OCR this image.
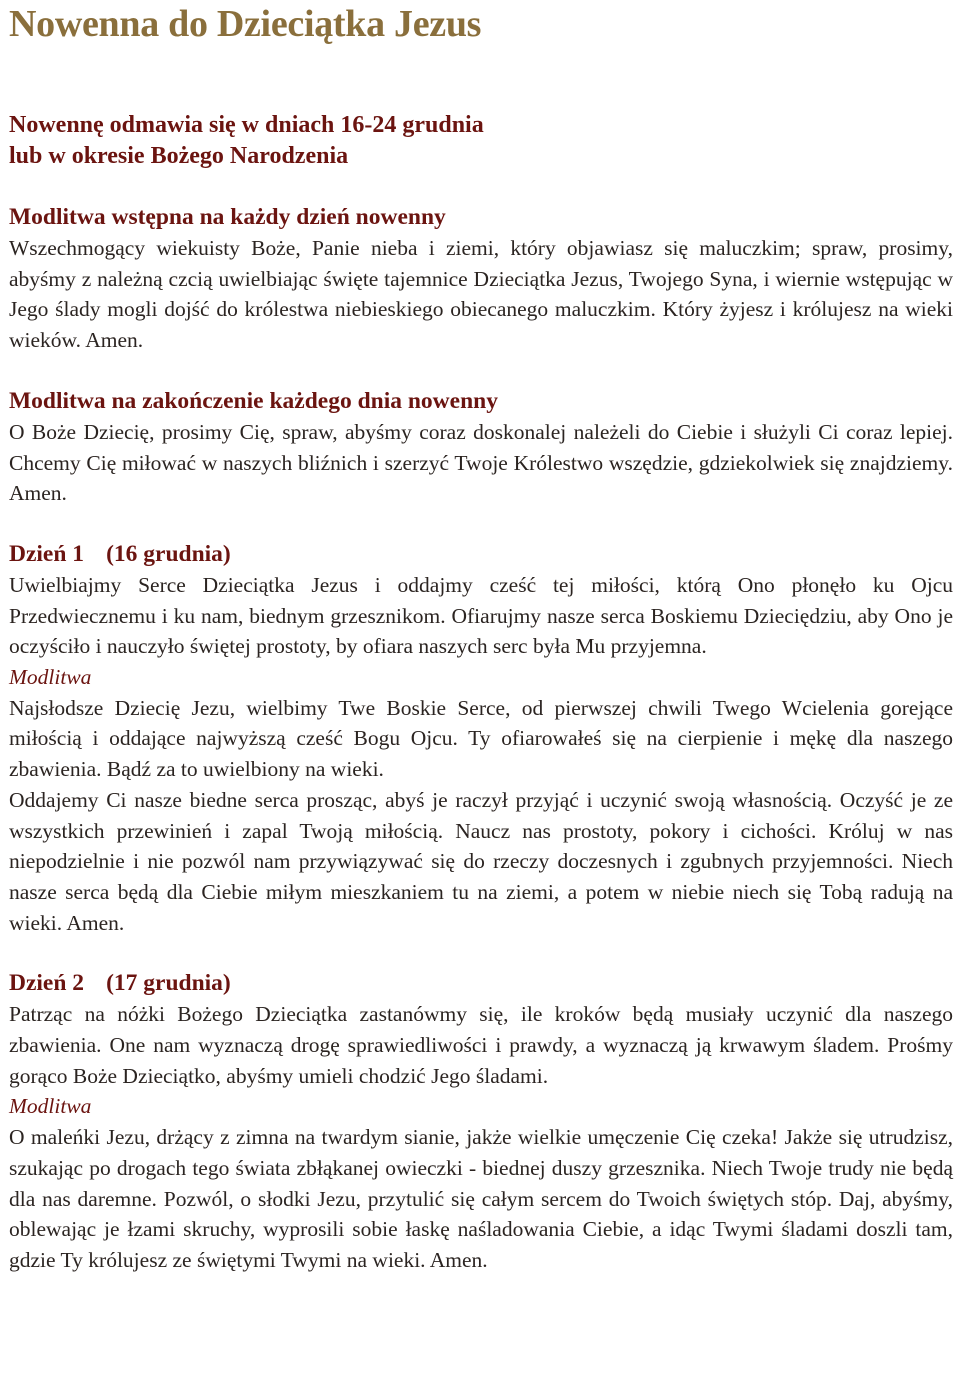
Nowenna do Dzieciątka Jezus

Nowennę odmawia się w dniach 16-24 grudnia
lub w okresie Bożego Narodzenia

Modlitwa wstępna na każdy dzień nowenny

Wszechmogący wiekuisty Boże, Panie nieba i ziemi, który objawiasz się maluczkim; spraw, prosimy, abyśmy z należną czcią uwielbiając święte tajemnice Dzieciątka Jezus, Twojego Syna, i wiernie wstępując w Jego ślady mogli dojść do królestwa niebieskiego obiecanego maluczkim. Który żyjesz i królujesz na wieki wieków. Amen.

Modlitwa na zakończenie każdego dnia nowenny

O Boże Dziecię, prosimy Cię, spraw, abyśmy coraz doskonalej należeli do Ciebie i służyli Ci coraz lepiej. Chcemy Cię miłować w naszych bliźnich i szerzyć Twoje Królestwo wszędzie, gdziekolwiek się znajdziemy. Amen.

Dzień 1 (16 grudnia)

Uwielbiajmy Serce Dzieciątka Jezus i oddajmy cześć tej miłości, którą Ono płonęło ku Ojcu Przedwiecznemu i ku nam, biednym grzesznikom. Ofiarujmy nasze serca Boskiemu Dzieciędziu, aby Ono je oczyściło i nauczyło świętej prostoty, by ofiara naszych serc była Mu przyjemna.

Modlitwa

Najsłodsze Dziecię Jezu, wielbimy Twe Boskie Serce, od pierwszej chwili Twego Wcielenia gorejące miłością i oddające najwyższą cześć Bogu Ojcu. Ty ofiarowałeś się na cierpienie i mękę dla naszego zbawienia. Bądź za to uwielbiony na wieki.

Oddajemy Ci nasze biedne serca prosząc, abyś je raczył przyjąć i uczynić swoją własnością. Oczyść je ze wszystkich przewinień i zapal Twoją miłością. Naucz nas prostoty, pokory i cichości. Króluj w nas niepodzielnie i nie pozwól nam przywiązywać się do rzeczy doczesnych i zgubnych przyjemności. Niech nasze serca będą dla Ciebie miłym mieszkaniem tu na ziemi, a potem w niebie niech się Tobą radują na wieki. Amen.

Dzień 2 (17 grudnia)

Patrząc na nóżki Bożego Dzieciątka zastanówmy się, ile kroków będą musiały uczynić dla naszego zbawienia. One nam wyznaczą drogę sprawiedliwości i prawdy, a wyznaczą ją krwawym śladem. Prośmy gorąco Boże Dzieciątko, abyśmy umieli chodzić Jego śladami.

Modlitwa

O maleńki Jezu, drżący z zimna na twardym sianie, jakże wielkie umęczenie Cię czeka! Jakże się utrudzisz, szukając po drogach tego świata zbłąkanej owieczki - biednej duszy grzesznika. Niech Twoje trudy nie będą dla nas daremne. Pozwól, o słodki Jezu, przytulić się całym sercem do Twoich świętych stóp. Daj, abyśmy, oblewając je łzami skruchy, wyprosili sobie łaskę naśladowania Ciebie, a idąc Twymi śladami doszli tam, gdzie Ty królujesz ze świętymi Twymi na wieki. Amen.
